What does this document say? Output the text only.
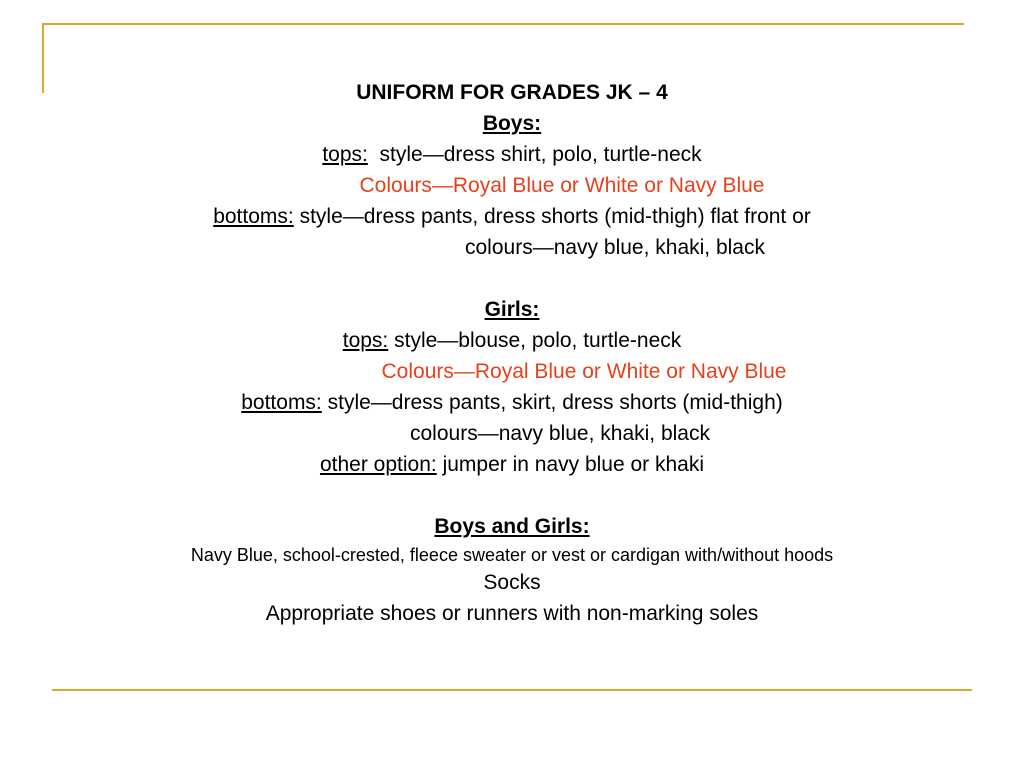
UNIFORM FOR GRADES JK – 4
Boys:
tops: style—dress shirt, polo, turtle-neck
Colours—Royal Blue or White or Navy Blue
bottoms: style—dress pants, dress shorts (mid-thigh) flat front or
colours—navy blue, khaki, black
Girls:
tops: style—blouse, polo, turtle-neck
Colours—Royal Blue or White or Navy Blue
bottoms: style—dress pants, skirt, dress shorts (mid-thigh)
colours—navy blue, khaki, black
other option: jumper in navy blue or khaki
Boys and Girls:
Navy Blue, school-crested, fleece sweater or vest or cardigan with/without hoods
Socks
Appropriate shoes or runners with non-marking soles
